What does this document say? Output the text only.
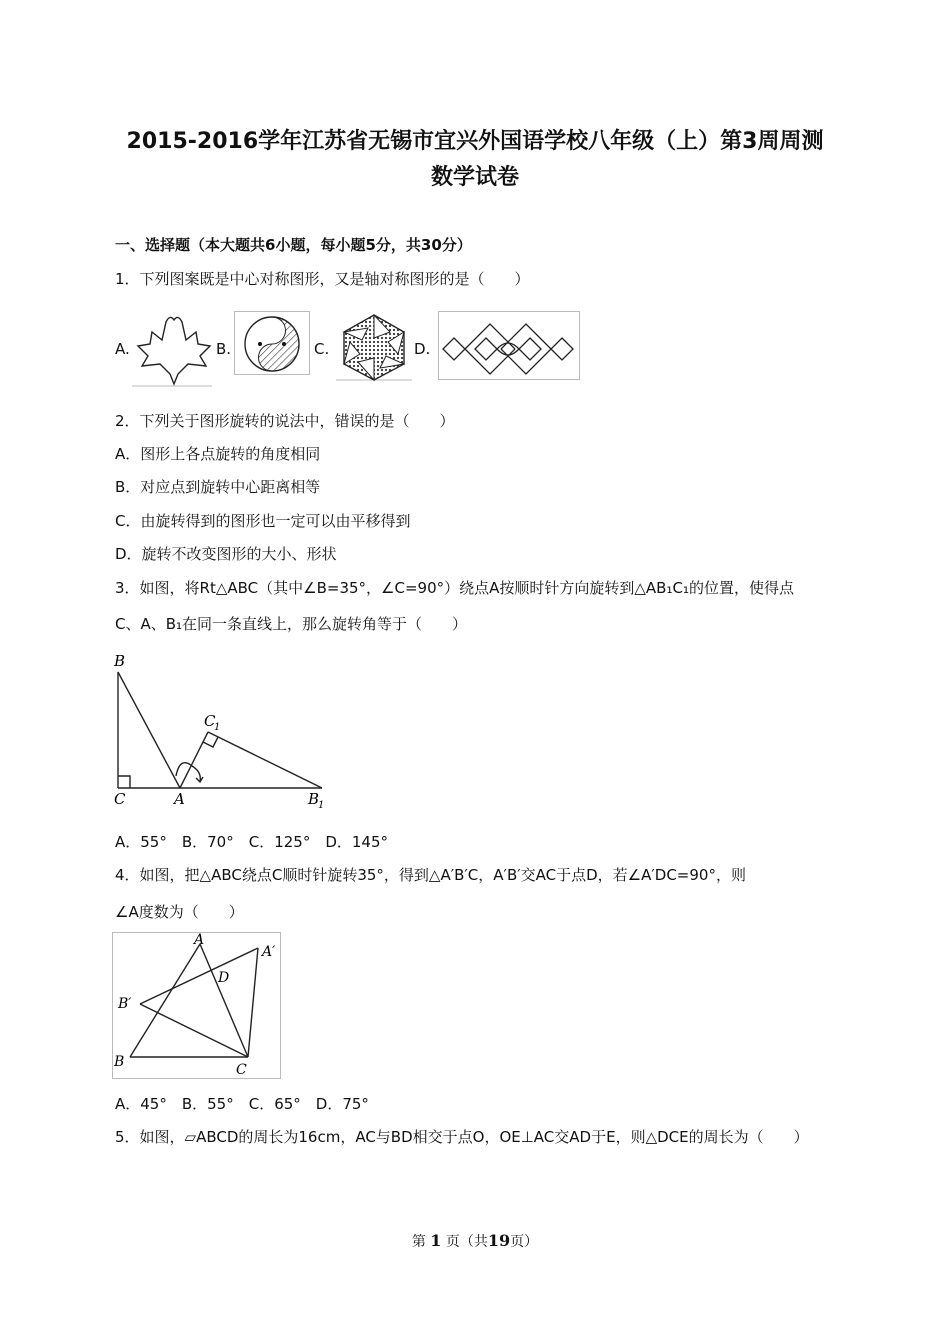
2015-2016学年江苏省无锡市宜兴外国语学校八年级（上）第3周周测
数学试卷
一、选择题（本大题共6小题，每小题5分，共30分）
1．下列图案既是中心对称图形，又是轴对称图形的是（　　）
A.	B.	C.	D.
2．下列关于图形旋转的说法中，错误的是（　　）
A．图形上各点旋转的角度相同
B．对应点到旋转中心距离相等
C．由旋转得到的图形也一定可以由平移得到
D．旋转不改变图形的大小、形状
3．如图，将Rt△ABC（其中∠B=35°，∠C=90°）绕点A按顺时针方向旋转到△AB₁C₁的位置，使得点
C、A、B₁在同一条直线上，那么旋转角等于（　　）
B
C	A
C
1
B
1
A．55°　B．70°　C．125°　D．145°
4．如图，把△ABC绕点C顺时针旋转35°，得到△A′B′C，A′B′交AC于点D，若∠A′DC=90°，则
∠A度数为（　　）
A
A′
D
B′
B	C
A．45°　B．55°　C．65°　D．75°
5．如图，▱ABCD的周长为16cm，AC与BD相交于点O，OE⊥AC交AD于E，则△DCE的周长为（　　）
第 1 页（共19页）
